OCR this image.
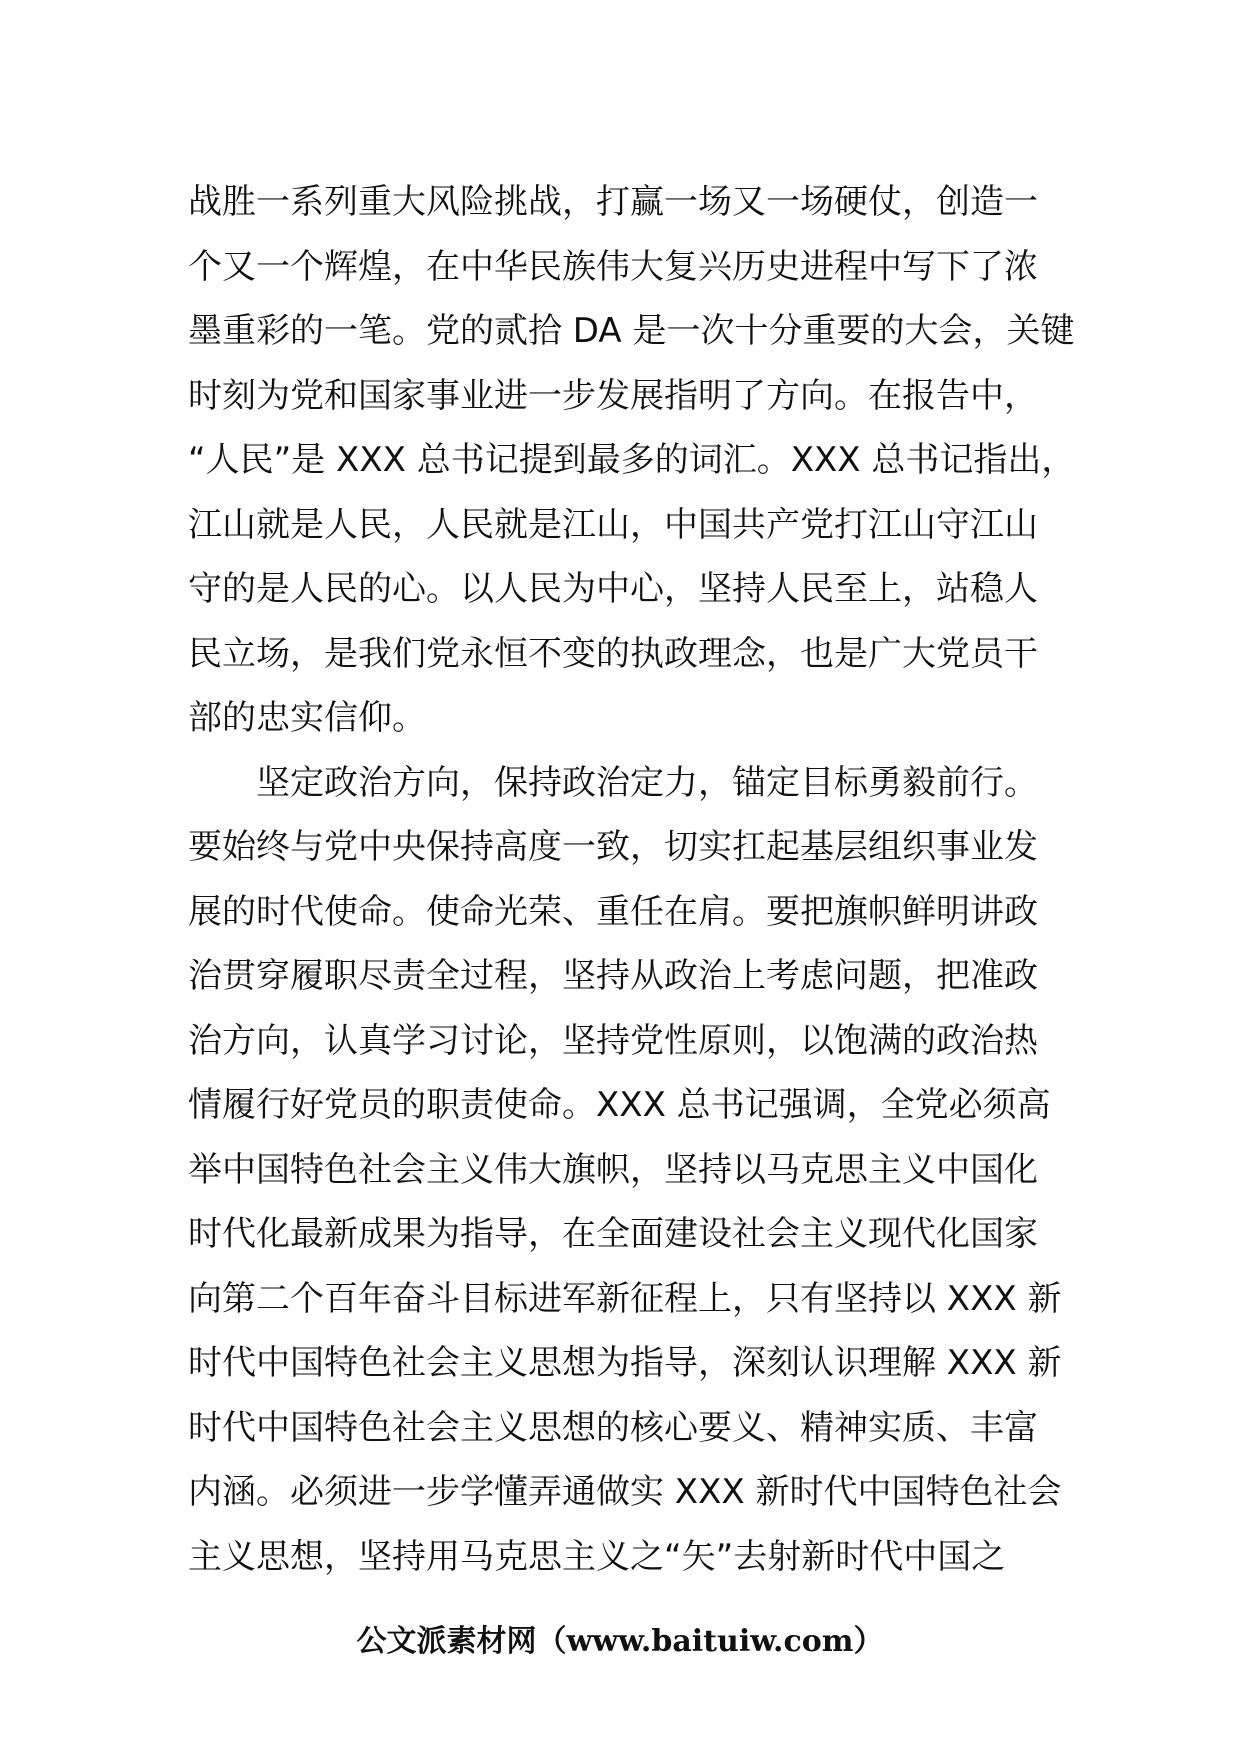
战胜一系列重大风险挑战，打赢一场又一场硬仗，创造一
个又一个辉煌，在中华民族伟大复兴历史进程中写下了浓
墨重彩的一笔。党的贰拾 DA 是一次十分重要的大会，关键
时刻为党和国家事业进一步发展指明了方向。在报告中，
“人民”是 XXX 总书记提到最多的词汇。XXX 总书记指出，
江山就是人民，人民就是江山，中国共产党打江山守江山
守的是人民的心。以人民为中心，坚持人民至上，站稳人
民立场，是我们党永恒不变的执政理念，也是广大党员干
部的忠实信仰。
坚定政治方向，保持政治定力，锚定目标勇毅前行。
要始终与党中央保持高度一致，切实扛起基层组织事业发
展的时代使命。使命光荣、重任在肩。要把旗帜鲜明讲政
治贯穿履职尽责全过程，坚持从政治上考虑问题，把准政
治方向，认真学习讨论，坚持党性原则，以饱满的政治热
情履行好党员的职责使命。XXX 总书记强调，全党必须高
举中国特色社会主义伟大旗帜，坚持以马克思主义中国化
时代化最新成果为指导，在全面建设社会主义现代化国家
向第二个百年奋斗目标进军新征程上，只有坚持以 XXX 新
时代中国特色社会主义思想为指导，深刻认识理解 XXX 新
时代中国特色社会主义思想的核心要义、精神实质、丰富
内涵。必须进一步学懂弄通做实 XXX 新时代中国特色社会
主义思想，坚持用马克思主义之“矢”去射新时代中国之
公文派素材网（www.baituiw.com）
